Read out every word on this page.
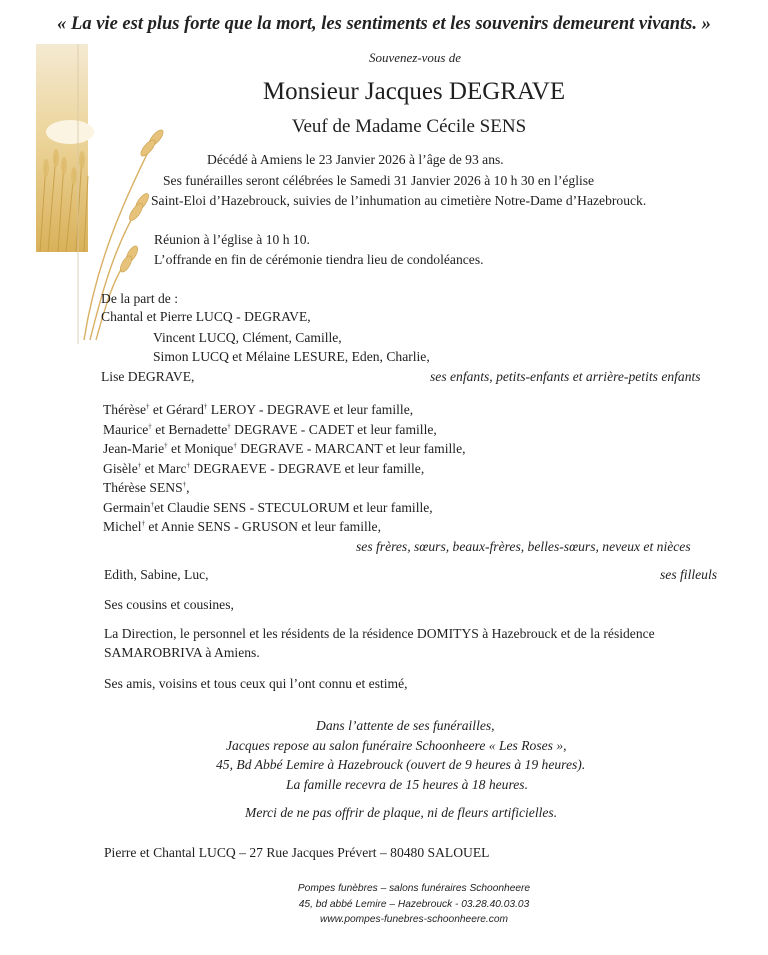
« La vie est plus forte que la mort, les sentiments et les souvenirs demeurent vivants. »
Souvenez-vous de
Monsieur Jacques DEGRAVE
Veuf de Madame Cécile SENS
Décédé à Amiens le 23 Janvier 2026 à l’âge de 93 ans.
Ses funérailles seront célébrées le Samedi 31 Janvier 2026 à 10 h 30 en l’église
Saint-Eloi d’Hazebrouck, suivies de l’inhumation au cimetière Notre-Dame d’Hazebrouck.
Réunion à l’église à 10 h 10.
L’offrande en fin de cérémonie tiendra lieu de condoléances.
De la part de :
Chantal et Pierre LUCQ - DEGRAVE,
Vincent LUCQ, Clément, Camille,
Simon LUCQ et Mélaine LESURE, Eden, Charlie,
Lise DEGRAVE,	ses enfants, petits-enfants et arrière-petits enfants
Thérèse† et Gérard† LEROY - DEGRAVE et leur famille,
Maurice† et Bernadette† DEGRAVE - CADET et leur famille,
Jean-Marie† et Monique† DEGRAVE - MARCANT et leur famille,
Gisèle† et Marc† DEGRAEVE - DEGRAVE et leur famille,
Thérèse SENS†,
Germain†et Claudie SENS - STECULORUM et leur famille,
Michel† et Annie SENS - GRUSON et leur famille,
ses frères, sœurs, beaux-frères, belles-sœurs, neveux et nièces
Edith, Sabine, Luc,	ses filleuls
Ses cousins et cousines,
La Direction, le personnel et les résidents de la résidence DOMITYS à Hazebrouck et de la résidence
SAMAROBRIVA à Amiens.
Ses amis, voisins et tous ceux qui l’ont connu et estimé,
Dans l’attente de ses funérailles,
Jacques repose au salon funéraire Schoonheere « Les Roses »,
45, Bd Abbé Lemire à Hazebrouck (ouvert de 9 heures à 19 heures).
La famille recevra de 15 heures à 18 heures.
Merci de ne pas offrir de plaque, ni de fleurs artificielles.
Pierre et Chantal LUCQ – 27 Rue Jacques Prévert – 80480 SALOUEL
Pompes funèbres – salons funéraires Schoonheere
45, bd abbé Lemire – Hazebrouck - 03.28.40.03.03
www.pompes-funebres-schoonheere.com
